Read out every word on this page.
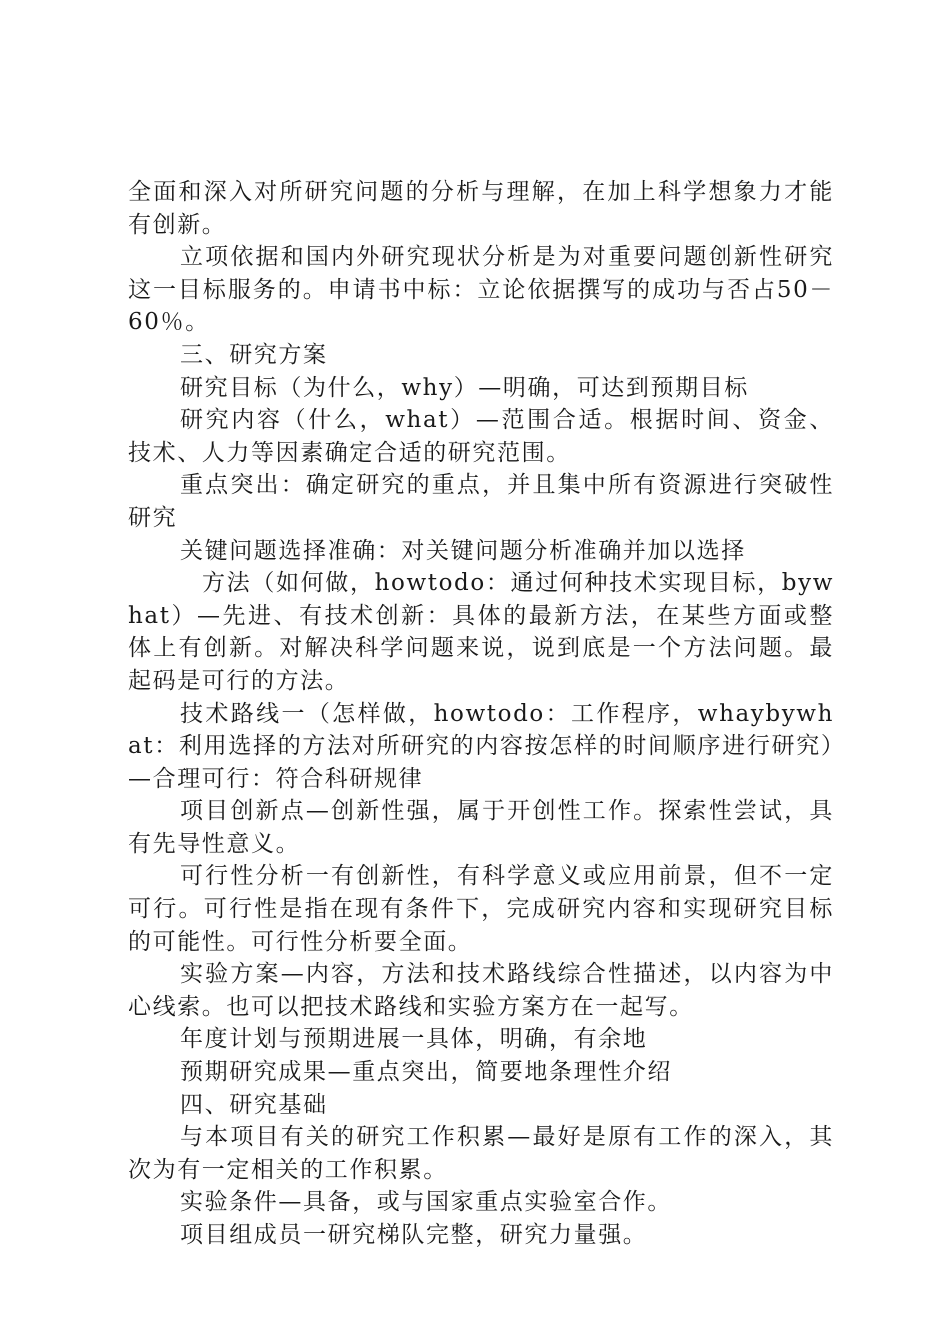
全面和深入对所研究问题的分析与理解，在加上科学想象力才能有创新。

立项依据和国内外研究现状分析是为对重要问题创新性研究这一目标服务的。申请书中标：立论依据撰写的成功与否占50－60％。

三、研究方案

研究目标（为什么，why）—明确，可达到预期目标

研究内容（什么，what）—范围合适。根据时间、资金、技术、人力等因素确定合适的研究范围。

重点突出：确定研究的重点，并且集中所有资源进行突破性研究

关键问题选择准确：对关键问题分析准确并加以选择

方法（如何做，howtodo：通过何种技术实现目标，bywhat）—先进、有技术创新：具体的最新方法，在某些方面或整体上有创新。对解决科学问题来说，说到底是一个方法问题。最起码是可行的方法。

技术路线一（怎样做，howtodo：工作程序，whaybywhat：利用选择的方法对所研究的内容按怎样的时间顺序进行研究）—合理可行：符合科研规律

项目创新点—创新性强，属于开创性工作。探索性尝试，具有先导性意义。

可行性分析一有创新性，有科学意义或应用前景，但不一定可行。可行性是指在现有条件下，完成研究内容和实现研究目标的可能性。可行性分析要全面。

实验方案—内容，方法和技术路线综合性描述，以内容为中心线索。也可以把技术路线和实验方案方在一起写。

年度计划与预期进展一具体，明确，有余地

预期研究成果—重点突出，简要地条理性介绍

四、研究基础

与本项目有关的研究工作积累—最好是原有工作的深入，其次为有一定相关的工作积累。

实验条件—具备，或与国家重点实验室合作。

项目组成员一研究梯队完整，研究力量强。
